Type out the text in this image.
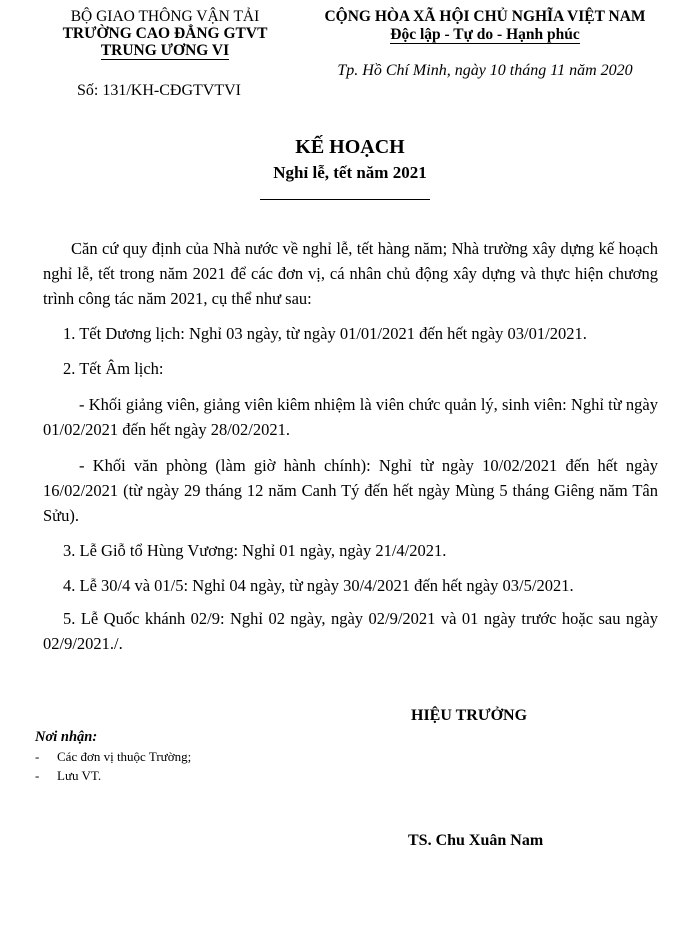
BỘ GIAO THÔNG VẬN TẢI
TRƯỜNG CAO ĐẲNG GTVT
TRUNG ƯƠNG VI
CỘNG HÒA XÃ HỘI CHỦ NGHĨA VIỆT NAM
Độc lập - Tự do - Hạnh phúc
Số: 131/KH-CĐGTVTVI
Tp. Hồ Chí Minh, ngày 10 tháng 11 năm 2020
KẾ HOẠCH
Nghỉ lễ, tết năm 2021
Căn cứ quy định của Nhà nước về nghỉ lễ, tết hàng năm; Nhà trường xây dựng kế hoạch nghỉ lễ, tết trong năm 2021 để các đơn vị, cá nhân chủ động xây dựng và thực hiện chương trình công tác năm 2021, cụ thể như sau:
1. Tết Dương lịch: Nghỉ 03 ngày, từ ngày 01/01/2021 đến hết ngày 03/01/2021.
2. Tết Âm lịch:
- Khối giảng viên, giảng viên kiêm nhiệm là viên chức quản lý, sinh viên: Nghỉ từ ngày 01/02/2021 đến hết ngày 28/02/2021.
- Khối văn phòng (làm giờ hành chính): Nghỉ từ ngày 10/02/2021 đến hết ngày 16/02/2021 (từ ngày 29 tháng 12 năm Canh Tý đến hết ngày Mùng 5 tháng Giêng năm Tân Sửu).
3. Lễ Giỗ tổ Hùng Vương: Nghỉ 01 ngày, ngày 21/4/2021.
4. Lễ 30/4 và 01/5: Nghỉ 04 ngày, từ ngày 30/4/2021 đến hết ngày 03/5/2021.
5. Lễ Quốc khánh 02/9: Nghỉ 02 ngày, ngày 02/9/2021 và 01 ngày trước hoặc sau ngày 02/9/2021./.
HIỆU TRƯỞNG
Nơi nhận:
- Các đơn vị thuộc Trường;
- Lưu VT.
TS. Chu Xuân Nam
